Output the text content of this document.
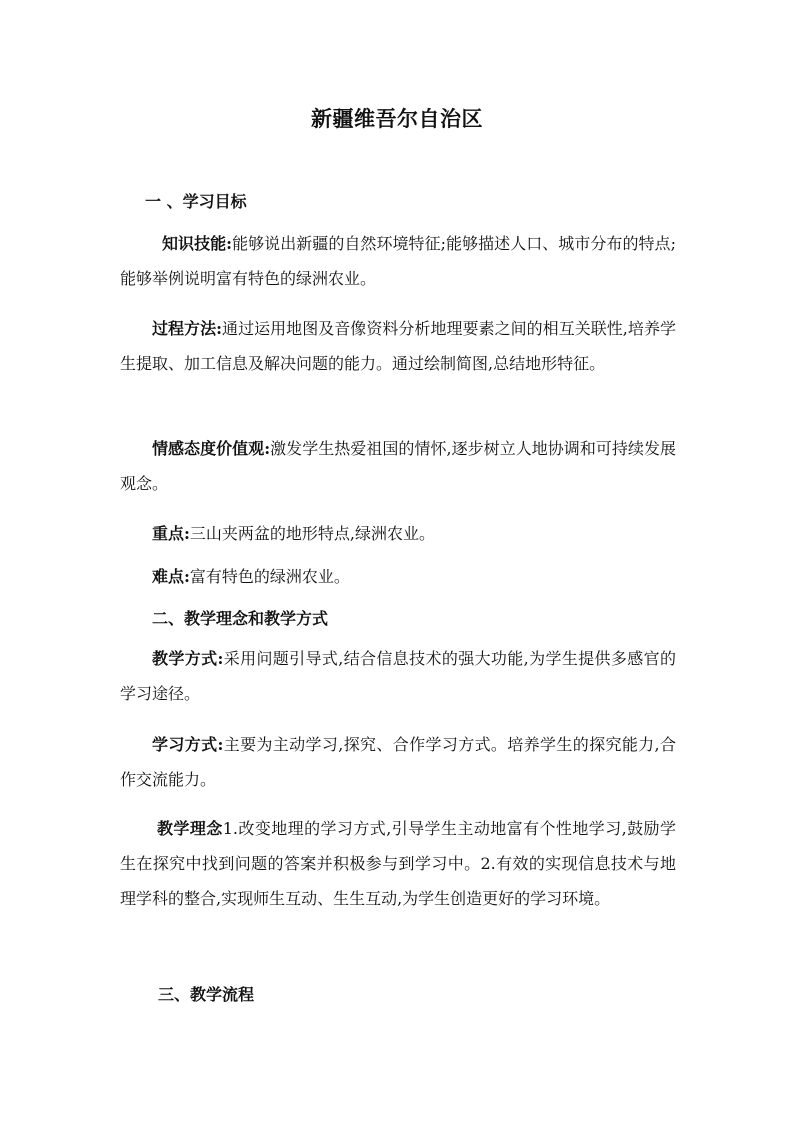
新疆维吾尔自治区
一 、学习目标
知识技能:能够说出新疆的自然环境特征;能够描述人口、城市分布的特点;能够举例说明富有特色的绿洲农业。
过程方法:通过运用地图及音像资料分析地理要素之间的相互关联性,培养学生提取、加工信息及解决问题的能力。通过绘制简图,总结地形特征。
情感态度价值观:激发学生热爱祖国的情怀,逐步树立人地协调和可持续发展观念。
重点:三山夹两盆的地形特点,绿洲农业。
难点:富有特色的绿洲农业。
二、教学理念和教学方式
教学方式:采用问题引导式,结合信息技术的强大功能,为学生提供多感官的学习途径。
学习方式:主要为主动学习,探究、合作学习方式。培养学生的探究能力,合作交流能力。
教学理念1.改变地理的学习方式,引导学生主动地富有个性地学习,鼓励学生在探究中找到问题的答案并积极参与到学习中。2.有效的实现信息技术与地理学科的整合,实现师生互动、生生互动,为学生创造更好的学习环境。
三、教学流程
